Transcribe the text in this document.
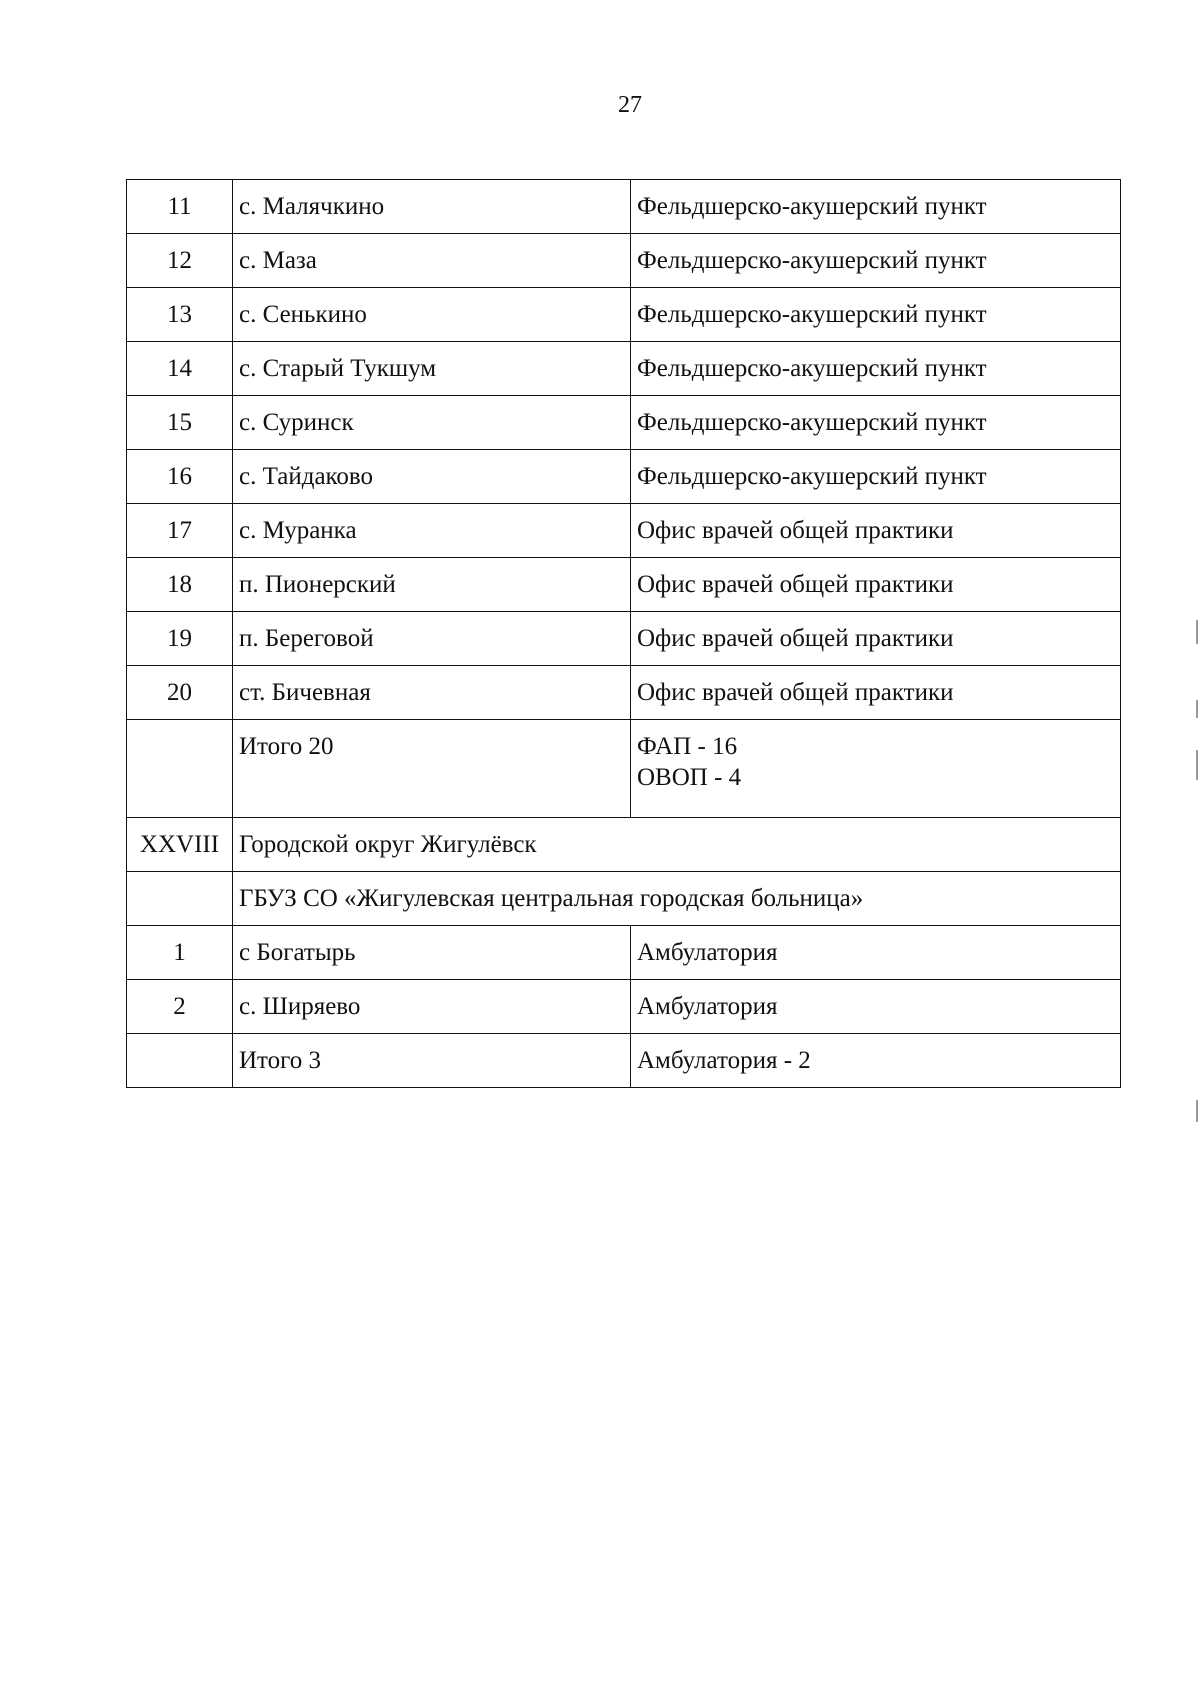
27
11	с. Малячкино	Фельдшерско-акушерский пункт
12	с. Маза	Фельдшерско-акушерский пункт
13	с. Сенькино	Фельдшерско-акушерский пункт
14	с. Старый Тукшум	Фельдшерско-акушерский пункт
15	с. Суринск	Фельдшерско-акушерский пункт
16	с. Тайдаково	Фельдшерско-акушерский пункт
17	с. Муранка	Офис врачей общей практики
18	п. Пионерский	Офис врачей общей практики
19	п. Береговой	Офис врачей общей практики
20	ст. Бичевная	Офис врачей общей практики
	Итого 20	ФАП - 16
ОВОП - 4

XXVIII	Городской округ Жигулёвск	
	ГБУЗ СО «Жигулевская центральная городская больница»	
1	с Богатырь	Амбулатория
2	с. Ширяево	Амбулатория
	Итого 3	Амбулатория - 2
